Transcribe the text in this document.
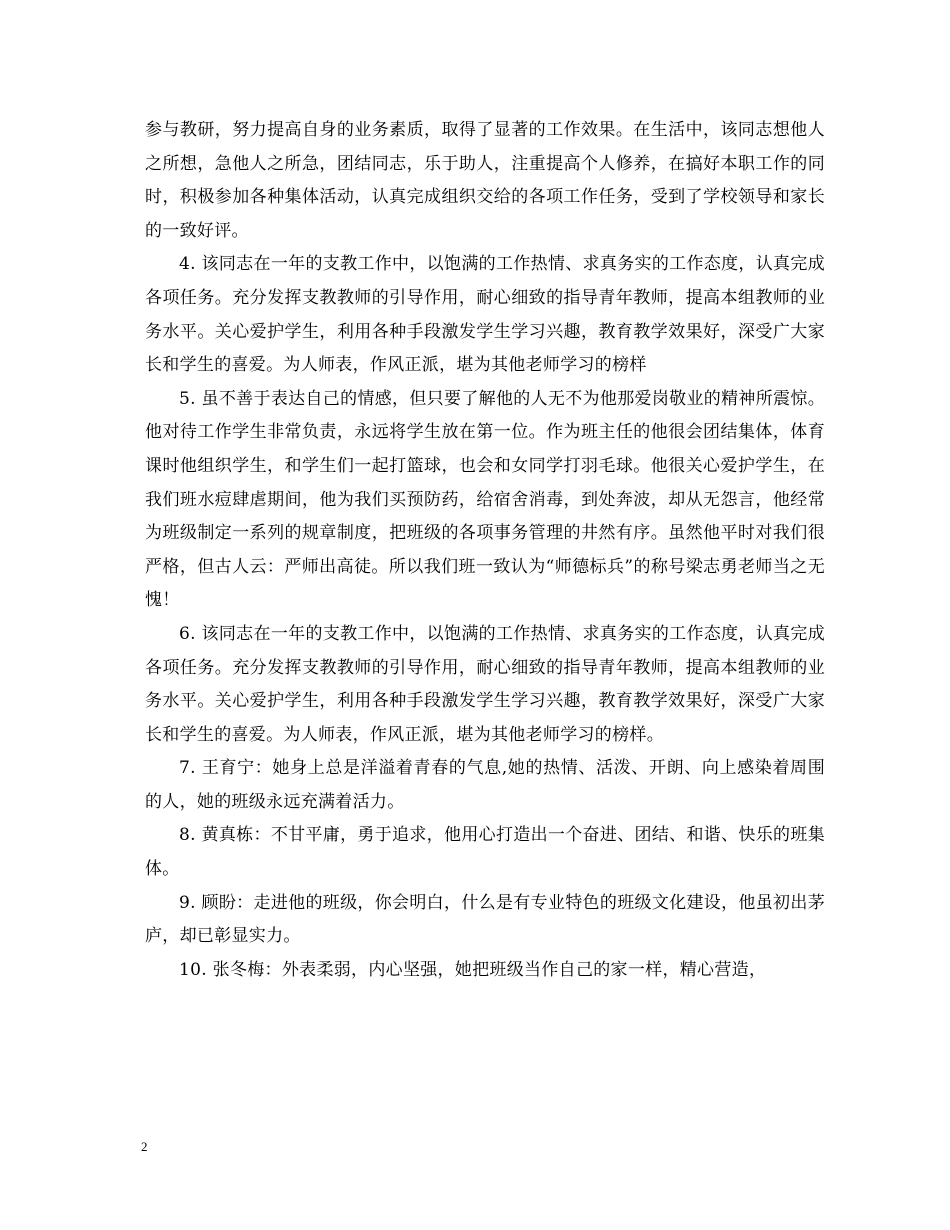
参与教研，努力提高自身的业务素质，取得了显著的工作效果。在生活中，该同志想他人之所想，急他人之所急，团结同志，乐于助人，注重提高个人修养，在搞好本职工作的同时，积极参加各种集体活动，认真完成组织交给的各项工作任务，受到了学校领导和家长的一致好评。

4. 该同志在一年的支教工作中，以饱满的工作热情、求真务实的工作态度，认真完成各项任务。充分发挥支教教师的引导作用，耐心细致的指导青年教师，提高本组教师的业务水平。关心爱护学生，利用各种手段激发学生学习兴趣，教育教学效果好，深受广大家长和学生的喜爱。为人师表，作风正派，堪为其他老师学习的榜样

5. 虽不善于表达自己的情感，但只要了解他的人无不为他那爱岗敬业的精神所震惊。他对待工作学生非常负责，永远将学生放在第一位。作为班主任的他很会团结集体，体育课时他组织学生，和学生们一起打篮球，也会和女同学打羽毛球。他很关心爱护学生，在我们班水痘肆虐期间，他为我们买预防药，给宿舍消毒，到处奔波，却从无怨言，他经常为班级制定一系列的规章制度，把班级的各项事务管理的井然有序。虽然他平时对我们很严格，但古人云：严师出高徒。所以我们班一致认为“师德标兵”的称号梁志勇老师当之无愧！

6. 该同志在一年的支教工作中，以饱满的工作热情、求真务实的工作态度，认真完成各项任务。充分发挥支教教师的引导作用，耐心细致的指导青年教师，提高本组教师的业务水平。关心爱护学生，利用各种手段激发学生学习兴趣，教育教学效果好，深受广大家长和学生的喜爱。为人师表，作风正派，堪为其他老师学习的榜样。

7. 王育宁：她身上总是洋溢着青春的气息,她的热情、活泼、开朗、向上感染着周围的人，她的班级永远充满着活力。

8. 黄真栋：不甘平庸，勇于追求，他用心打造出一个奋进、团结、和谐、快乐的班集体。

9. 顾盼：走进他的班级，你会明白，什么是有专业特色的班级文化建设，他虽初出茅庐，却已彰显实力。

10. 张冬梅：外表柔弱，内心坚强，她把班级当作自己的家一样，精心营造，

2
